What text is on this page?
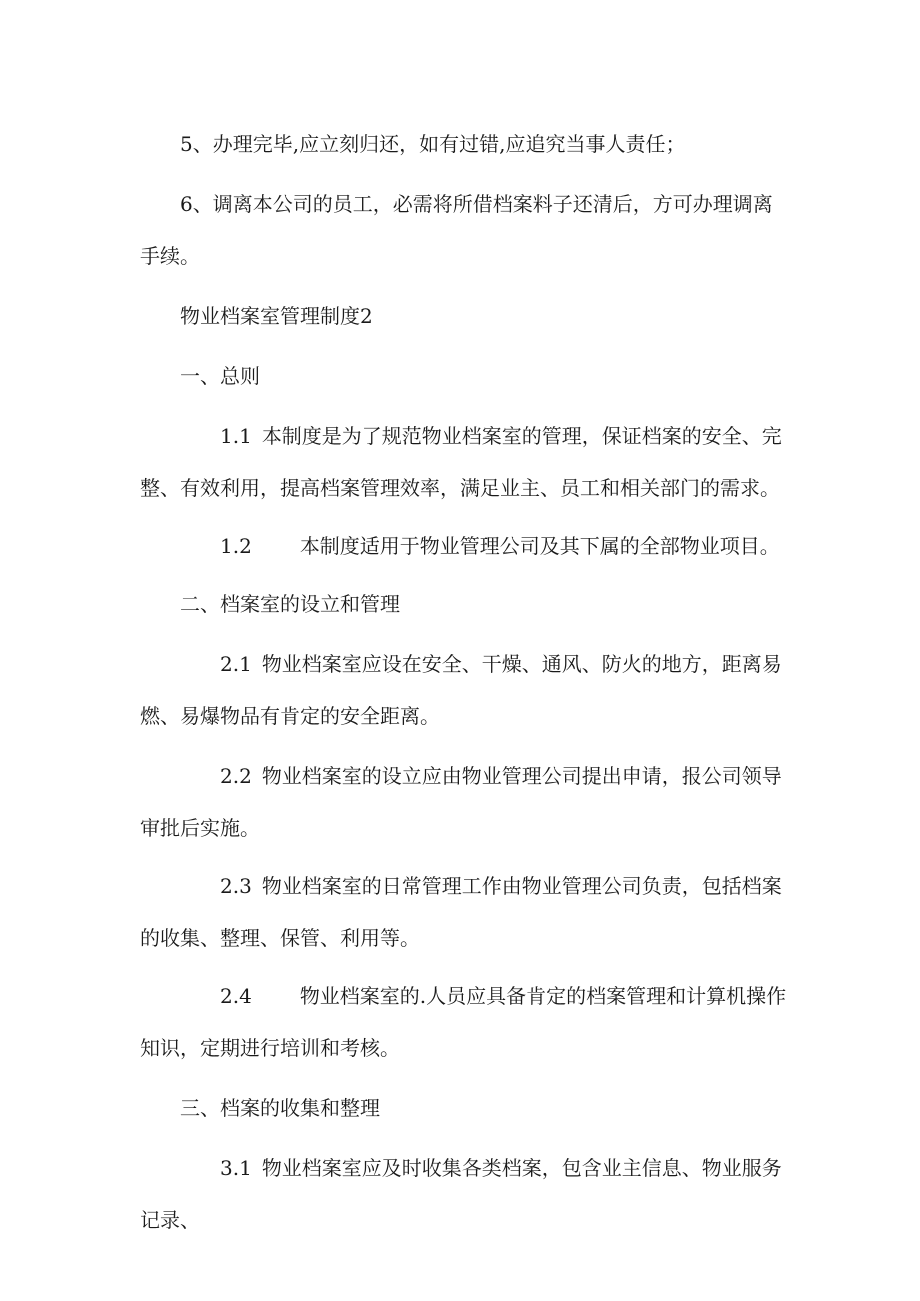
5、办理完毕,应立刻归还，如有过错,应追究当事人责任；

6、调离本公司的员工，必需将所借档案料子还清后，方可办理调离手续。

物业档案室管理制度2

一、总则

1.1 本制度是为了规范物业档案室的管理，保证档案的安全、完整、有效利用，提高档案管理效率，满足业主、员工和相关部门的需求。

1.2 本制度适用于物业管理公司及其下属的全部物业项目。

二、档案室的设立和管理

2.1 物业档案室应设在安全、干燥、通风、防火的地方，距离易燃、易爆物品有肯定的安全距离。

2.2 物业档案室的设立应由物业管理公司提出申请，报公司领导审批后实施。

2.3 物业档案室的日常管理工作由物业管理公司负责，包括档案的收集、整理、保管、利用等。

2.4 物业档案室的.人员应具备肯定的档案管理和计算机操作知识，定期进行培训和考核。

三、档案的收集和整理

3.1 物业档案室应及时收集各类档案，包含业主信息、物业服务记录、
